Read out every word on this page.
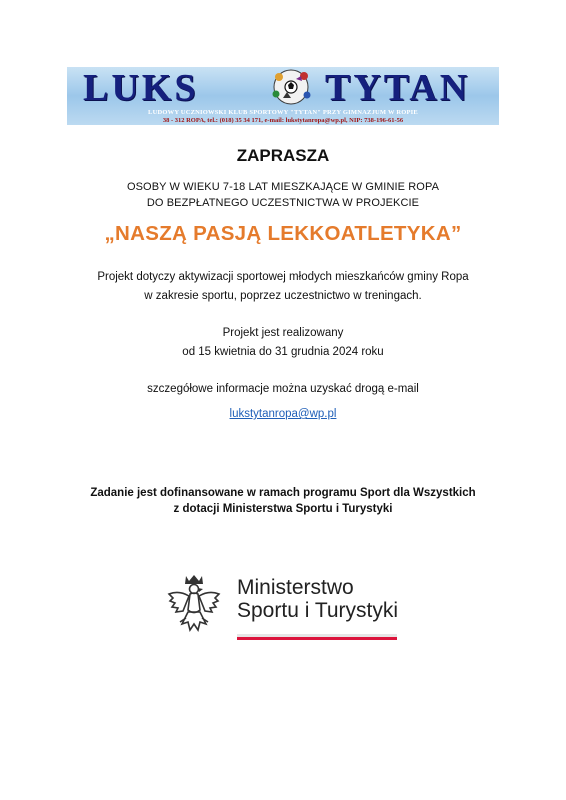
LUKS	TYTAN
LUDOWY UCZNIOWSKI KLUB SPORTOWY "TYTAN" PRZY GIMNAZJUM W ROPIE
38 - 312 ROPA, tel.: (018) 35 34 171, e-mail: lukstytanropa@wp.pl, NIP: 738-196-61-56
ZAPRASZA
OSOBY W WIEKU 7-18 LAT MIESZKAJĄCE W GMINIE ROPA
DO BEZPŁATNEGO UCZESTNICTWA W PROJEKCIE
„NASZĄ PASJĄ LEKKOATLETYKA”
Projekt dotyczy aktywizacji sportowej młodych mieszkańców gminy Ropa
w zakresie sportu, poprzez uczestnictwo w treningach.
Projekt jest realizowany
od 15 kwietnia do 31 grudnia 2024 roku
szczegółowe informacje można uzyskać drogą e-mail
lukstytanropa@wp.pl
Zadanie jest dofinansowane w ramach programu Sport dla Wszystkich
z dotacji Ministerstwa Sportu i Turystyki
Ministerstwo
Sportu i Turystyki
